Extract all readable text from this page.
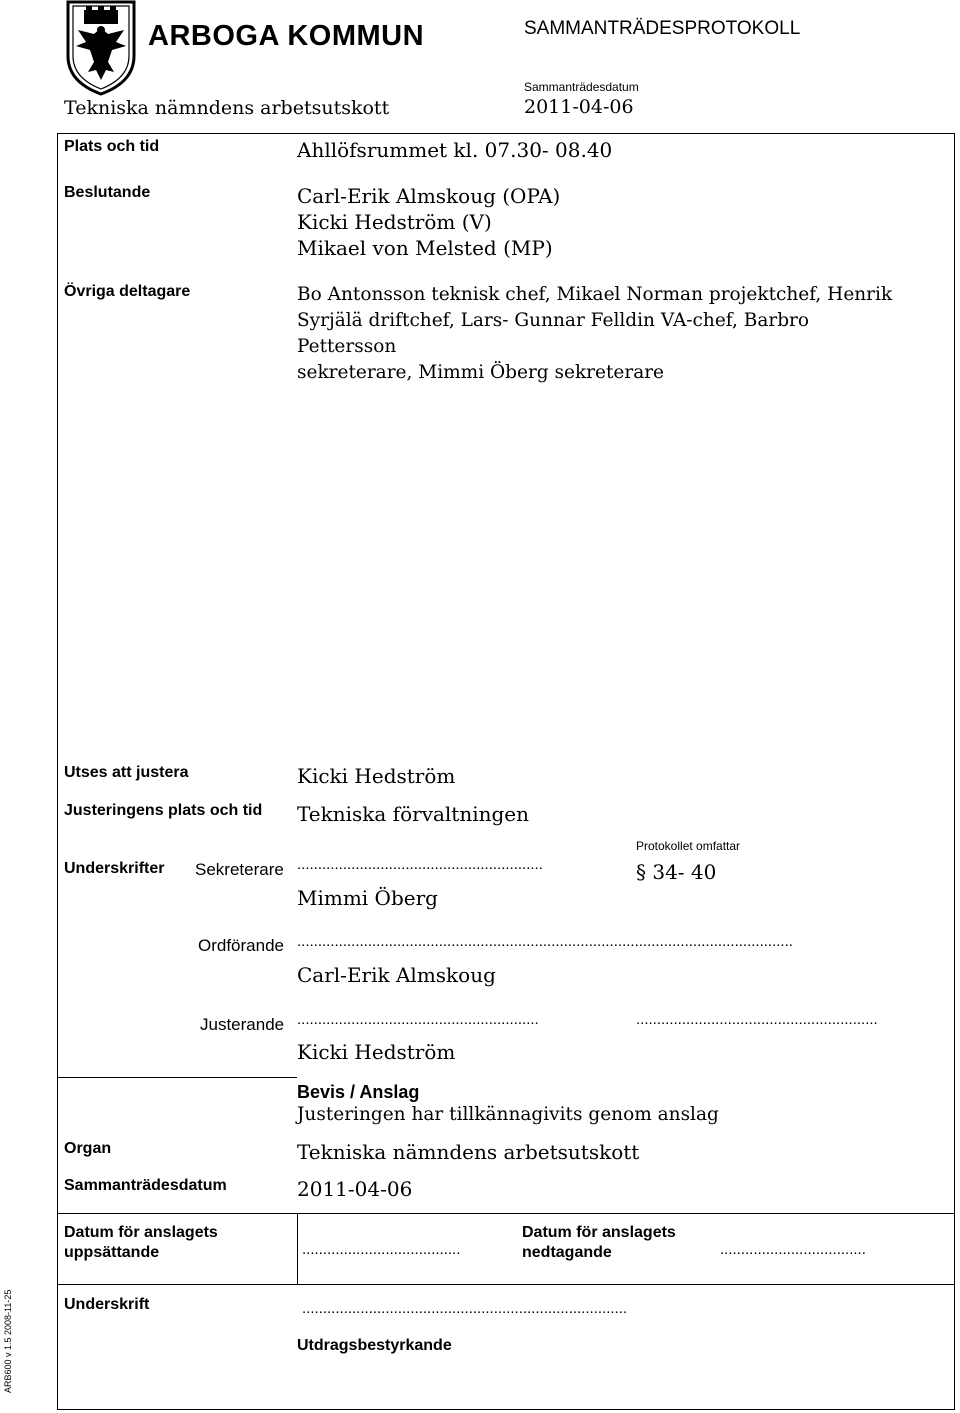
ARBOGA KOMMUN	SAMMANTRÄDESPROTOKOLL
Tekniska nämndens arbetsutskott
Sammanträdesdatum
2011-04-06
Plats och tid	Ahllöfsrummet kl. 07.30- 08.40
Beslutande	Carl-Erik Almskoug (OPA)
Kicki Hedström (V)
Mikael von Melsted (MP)
Övriga deltagare	Bo Antonsson teknisk chef, Mikael Norman projektchef, Henrik
Syrjälä driftchef, Lars- Gunnar Felldin VA-chef, Barbro Pettersson
sekreterare, Mimmi Öberg sekreterare
Utses att justera	Kicki Hedström
Justeringens plats och tid Tekniska förvaltningen
Protokollet omfattar
Underskrifter Sekreterare ...........................................................	§ 34- 40
Mimmi Öberg
Ordförande .......................................................................................................................
Carl-Erik Almskoug
Justerande ..........................................................	..........................................................
Kicki Hedström
Bevis / Anslag
Justeringen har tillkännagivits genom anslag
Organ	Tekniska nämndens arbetsutskott
Sammanträdesdatum	2011-04-06
Datum för anslagets
uppsättande	......................................
Datum för anslagets
nedtagande	...................................
Underskrift	..............................................................................
Utdragsbestyrkande
ARB600 v 1.5 2008-11-25
